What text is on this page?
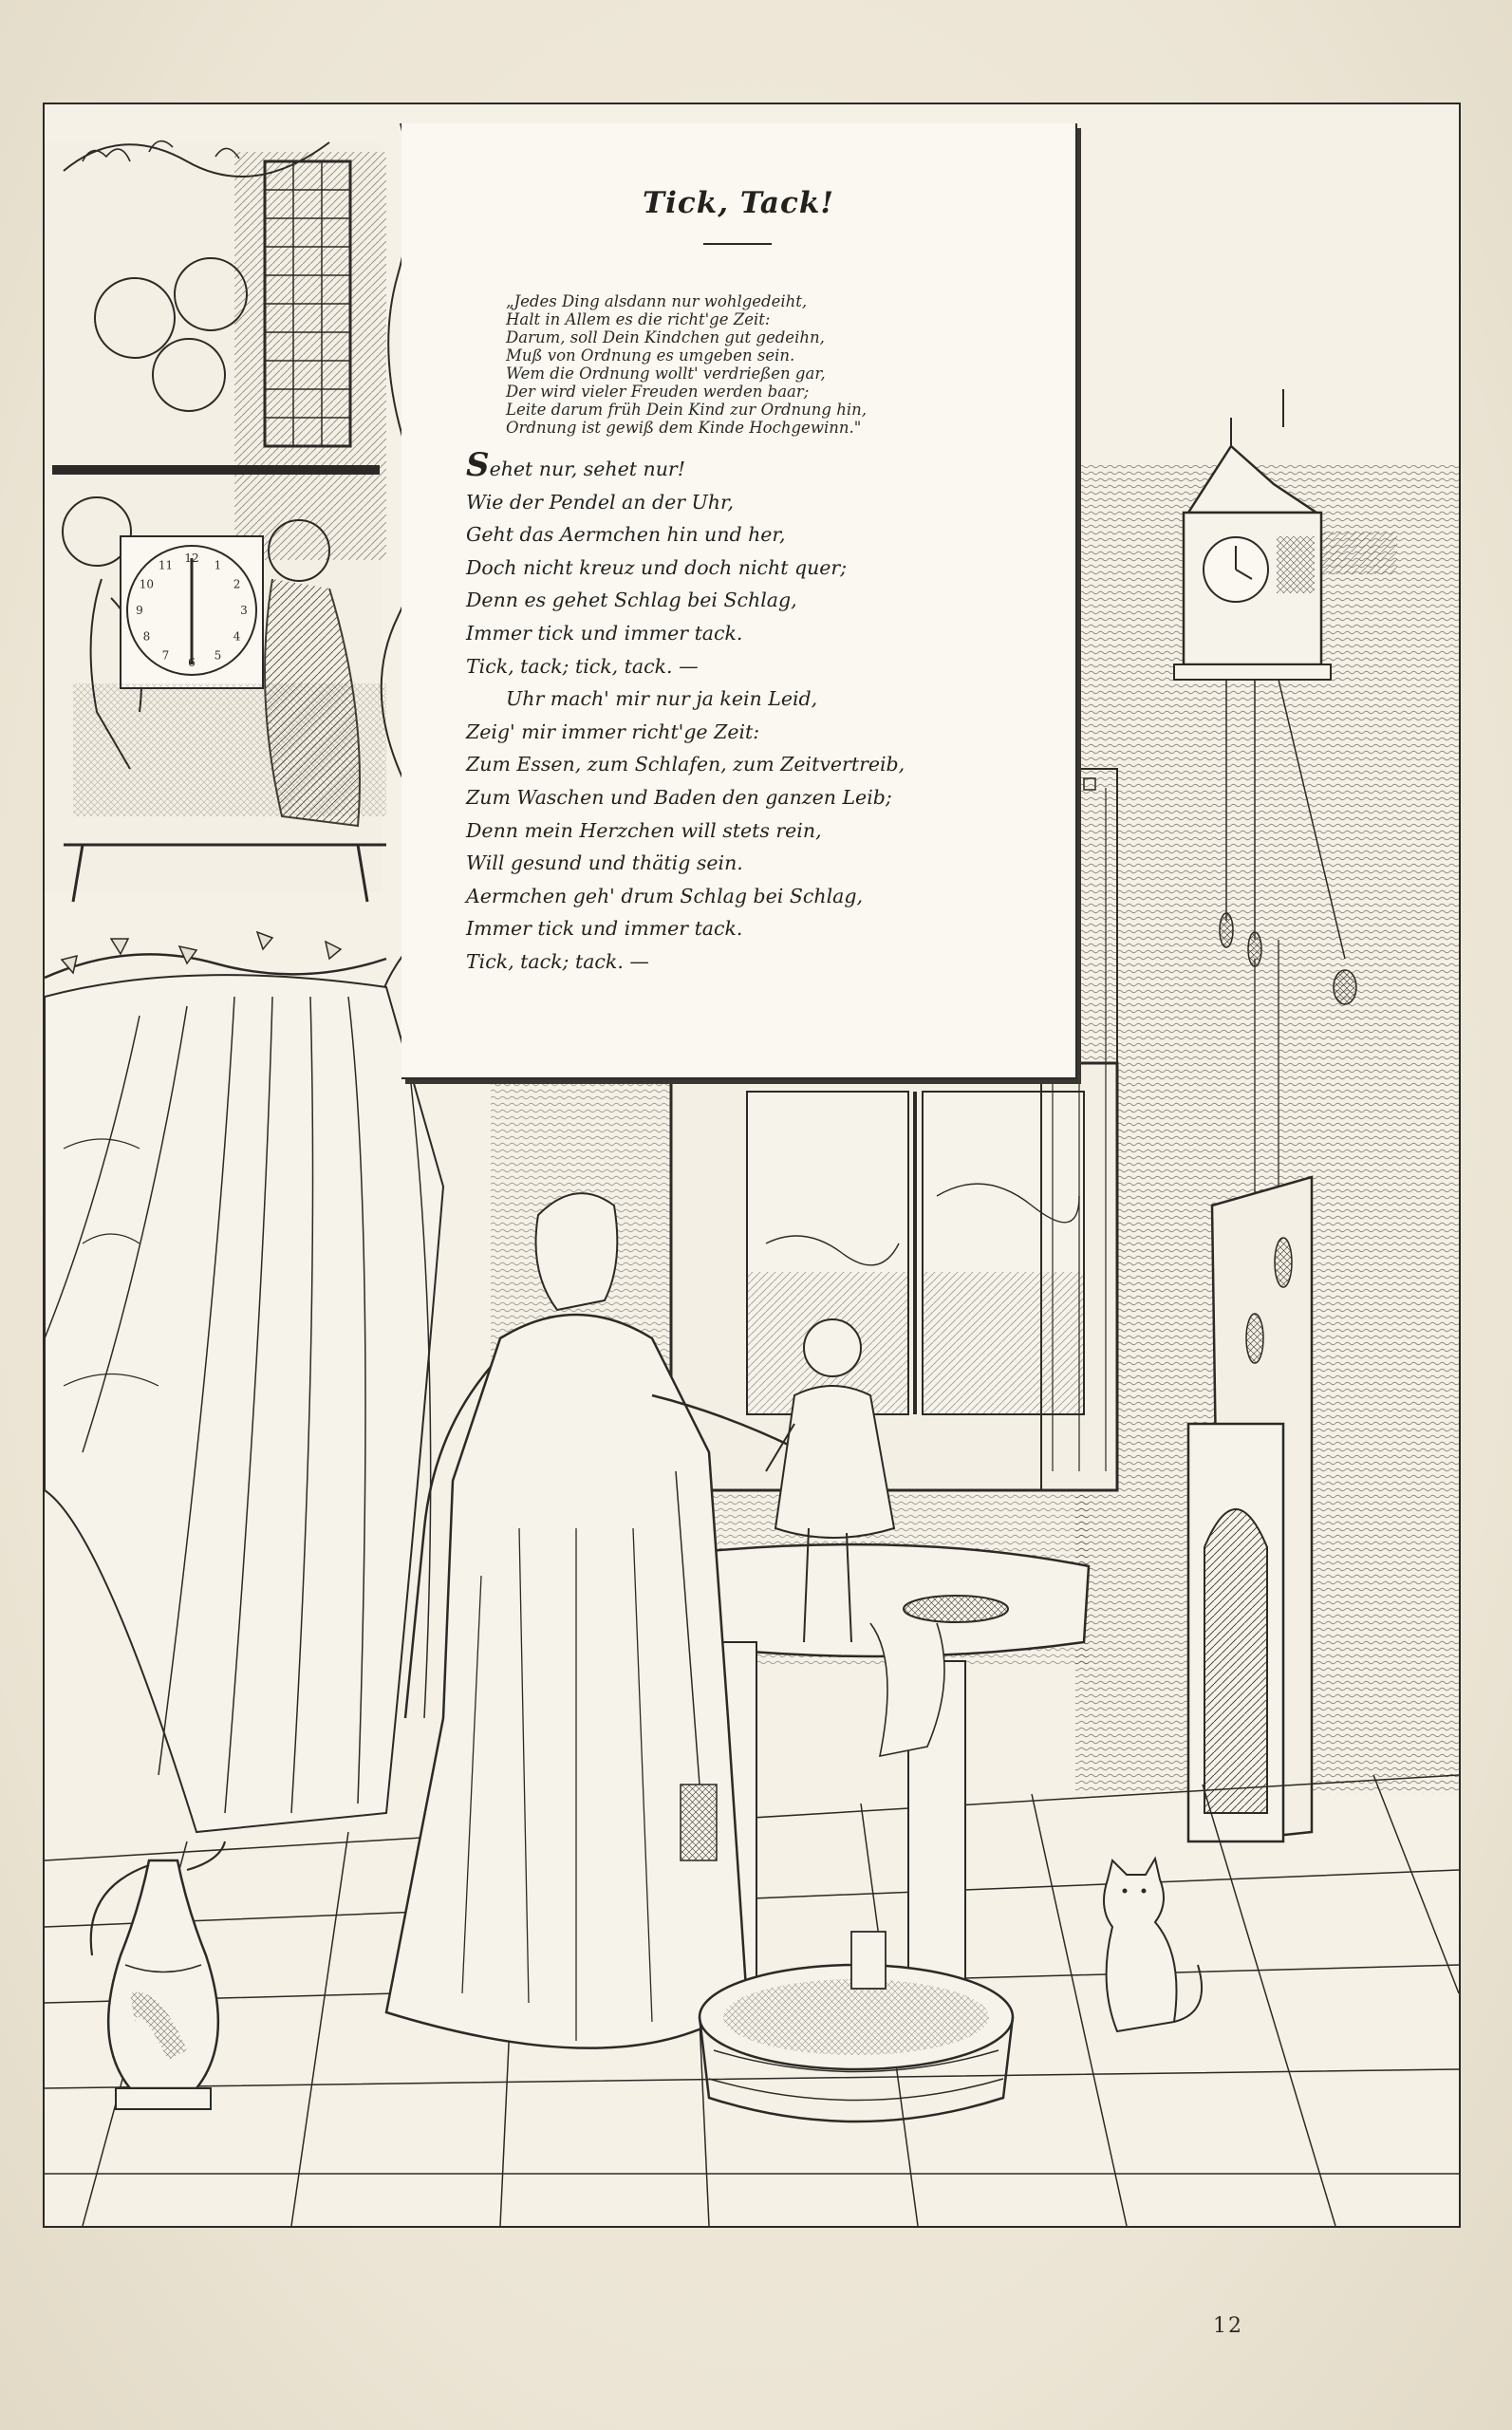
12
1
2
3
4
5
6
7
8
9
10
11
Tick, Tack!
„Jedes Ding alsdann nur wohlgedeiht,
Halt in Allem es die richt'ge Zeit:
Darum, soll Dein Kindchen gut gedeihn,
Muß von Ordnung es umgeben sein.
Wem die Ordnung wollt' verdrießen gar,
Der wird vieler Freuden werden baar;
Leite darum früh Dein Kind zur Ordnung hin,
Ordnung ist gewiß dem Kinde Hochgewinn."
Sehet nur, sehet nur!
Wie der Pendel an der Uhr,
Geht das Aermchen hin und her,
Doch nicht kreuz und doch nicht quer;
Denn es gehet Schlag bei Schlag,
Immer tick und immer tack.
Tick, tack; tick, tack. —
Uhr mach' mir nur ja kein Leid,
Zeig' mir immer richt'ge Zeit:
Zum Essen, zum Schlafen, zum Zeitvertreib,
Zum Waschen und Baden den ganzen Leib;
Denn mein Herzchen will stets rein,
Will gesund und thätig sein.
Aermchen geh' drum Schlag bei Schlag,
Immer tick und immer tack.
Tick, tack; tack. —
12
